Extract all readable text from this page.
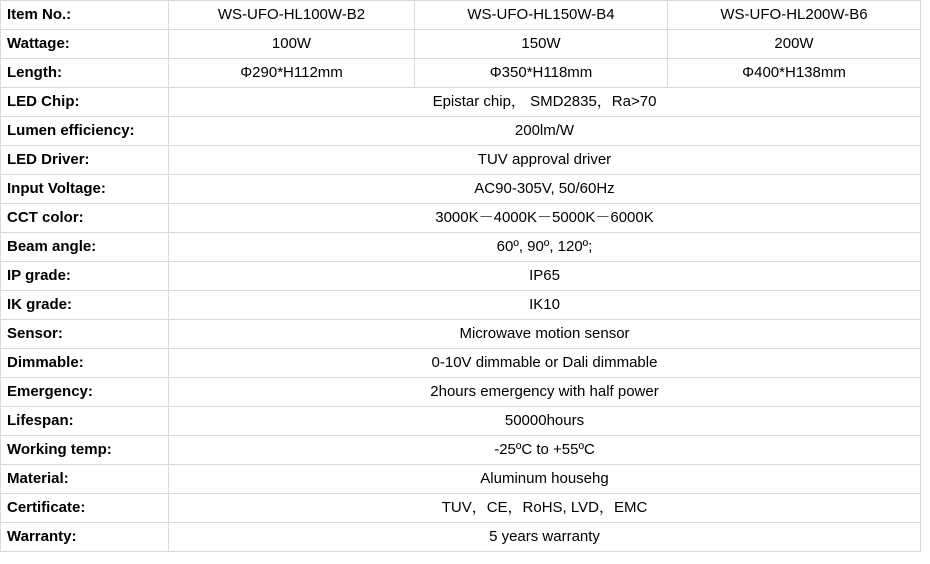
Item No.:	WS-UFO-HL100W-B2	WS-UFO-HL150W-B4	WS-UFO-HL200W-B6
Wattage:	100W	150W	200W
Length:	Φ290*H112mm	Φ350*H118mm	Φ400*H138mm
LED Chip:	Epistar chip， SMD2835，Ra>70		
Lumen efficiency:	200lm/W		
LED Driver:	TUV approval driver		
Input Voltage:	AC90-305V, 50/60Hz		
CCT color:	3000K－4000K－5000K－6000K		
Beam angle:	60º, 90º, 120º;		
IP grade:	IP65		
IK grade:	IK10		
Sensor:	Microwave motion sensor		
Dimmable:	0-10V dimmable or Dali dimmable		
Emergency:	2hours emergency with half power		
Lifespan:	50000hours		
Working temp:	-25ºC to +55ºC		
Material:	Aluminum househg		
Certificate:	TUV，CE，RoHS, LVD，EMC		
Warranty:	5 years warranty		
